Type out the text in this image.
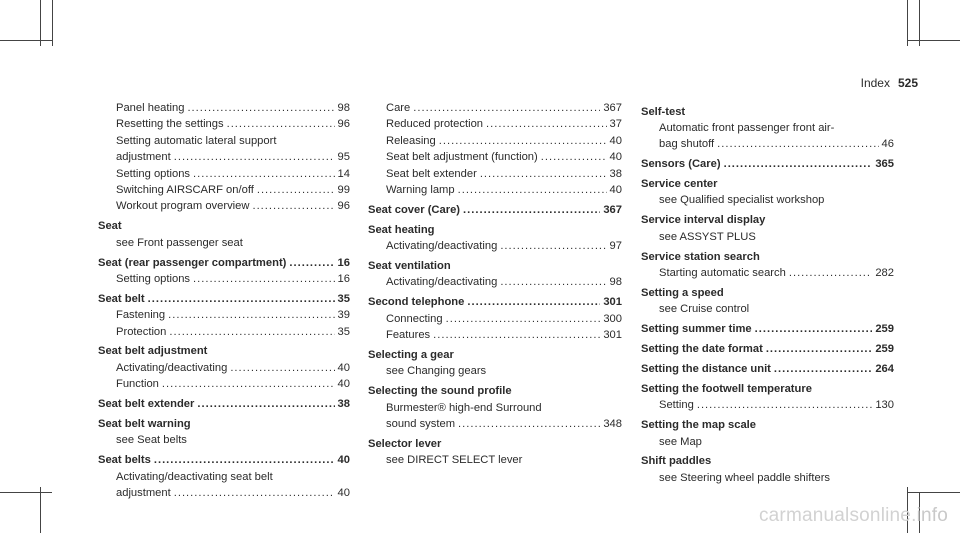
Index 525
Panel heating .....	98
Resetting the settings .....	96
Setting automatic lateral support
adjustment .....	95
Setting options .....	14
Switching AIRSCARF on/off .....	99
Workout program overview .....	96
Seat
see Front passenger seat
Seat (rear passenger compartment) .....	16
Setting options .....	16
Seat belt .....	35
Fastening .....	39
Protection .....	35
Seat belt adjustment
Activating/deactivating .....	40
Function .....	40
Seat belt extender .....	38
Seat belt warning
see Seat belts
Seat belts .....	40
Activating/deactivating seat belt
adjustment .....	40
Care .....	367
Reduced protection .....	37
Releasing .....	40
Seat belt adjustment (function) .....	40
Seat belt extender .....	38
Warning lamp .....	40
Seat cover (Care) .....	367
Seat heating
Activating/deactivating .....	97
Seat ventilation
Activating/deactivating .....	98
Second telephone .....	301
Connecting .....	300
Features .....	301
Selecting a gear
see Changing gears
Selecting the sound profile
Burmester® high-end Surround
sound system .....	348
Selector lever
see DIRECT SELECT lever
Self-test
Automatic front passenger front air-
bag shutoff .....	46
Sensors (Care) .....	365
Service center
see Qualified specialist workshop
Service interval display
see ASSYST PLUS
Service station search
Starting automatic search .....	282
Setting a speed
see Cruise control
Setting summer time .....	259
Setting the date format .....	259
Setting the distance unit .....	264
Setting the footwell temperature
Setting .....	130
Setting the map scale
see Map
Shift paddles
see Steering wheel paddle shifters
carmanualsonline.info
